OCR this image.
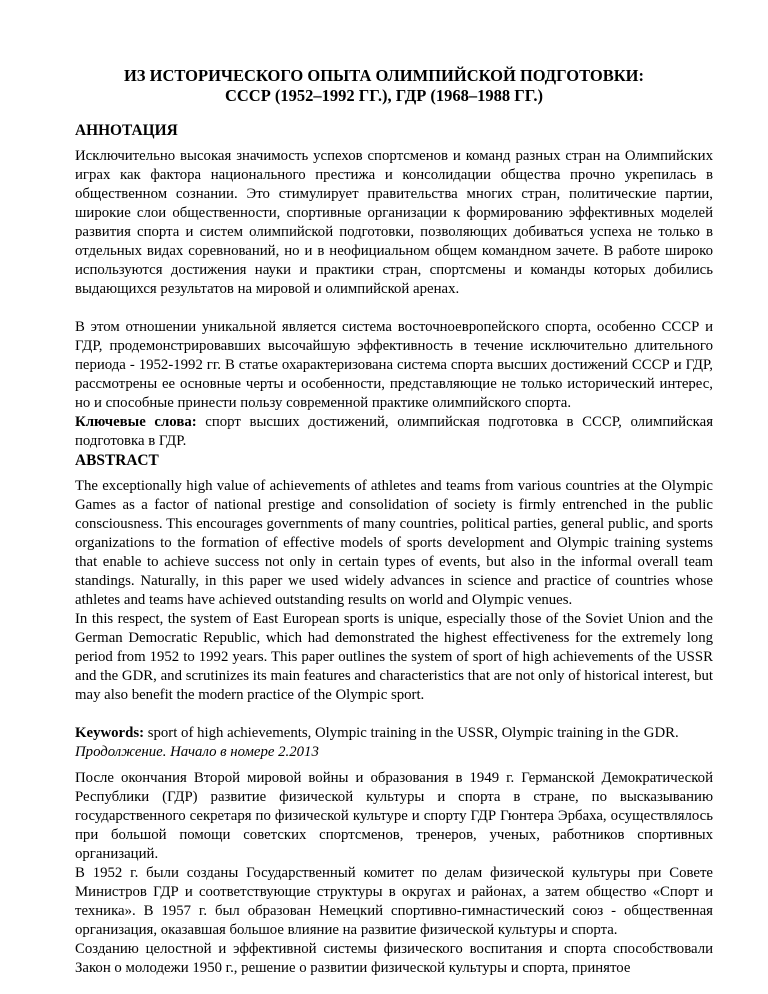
ИЗ ИСТОРИЧЕСКОГО ОПЫТА ОЛИМПИЙСКОЙ ПОДГОТОВКИ:
СССР (1952–1992 ГГ.), ГДР (1968–1988 ГГ.)
АННОТАЦИЯ
Исключительно высокая значимость успехов спортсменов и команд разных стран на Олимпийских играх как фактора национального престижа и консолидации общества прочно укрепилась в общественном сознании. Это стимулирует правительства многих стран, политические партии, широкие слои общественности, спортивные организации к формированию эффективных моделей развития спорта и систем олимпийской подготовки, позволяющих добиваться успеха не только в отдельных видах соревнований, но и в неофициальном общем командном зачете. В работе широко используются достижения науки и практики стран, спортсмены и команды которых добились выдающихся результатов на мировой и олимпийской аренах.
В этом отношении уникальной является система восточноевропейского спорта, особенно СССР и ГДР, продемонстрировавших высочайшую эффективность в течение исключительно длительного периода - 1952-1992 гг. В статье охарактеризована система спорта высших достижений СССР и ГДР, рассмотрены ее основные черты и особенности, представляющие не только исторический интерес, но и способные принести пользу современной практике олимпийского спорта.
Ключевые слова: спорт высших достижений, олимпийская подготовка в СССР, олимпийская подготовка в ГДР.
ABSTRACT
The exceptionally high value of achievements of athletes and teams from various countries at the Olympic Games as a factor of national prestige and consolidation of society is firmly entrenched in the public consciousness. This encourages governments of many countries, political parties, general public, and sports organizations to the formation of effective models of sports development and Olympic training systems that enable to achieve success not only in certain types of events, but also in the informal overall team standings. Naturally, in this paper we used widely advances in science and practice of countries whose athletes and teams have achieved outstanding results on world and Olympic venues.
In this respect, the system of East European sports is unique, especially those of the Soviet Union and the German Democratic Republic, which had demonstrated the highest effectiveness for the extremely long period from 1952 to 1992 years. This paper outlines the system of sport of high achievements of the USSR and the GDR, and scrutinizes its main features and characteristics that are not only of historical interest, but may also benefit the modern practice of the Olympic sport.
Keywords: sport of high achievements, Olympic training in the USSR, Olympic training in the GDR.
Продолжение. Начало в номере 2.2013
После окончания Второй мировой войны и образования в 1949 г. Германской Демократической Республики (ГДР) развитие физической культуры и спорта в стране, по высказыванию государственного секретаря по физической культуре и спорту ГДР Гюнтера Эрбаха, осуществлялось при большой помощи советских спортсменов, тренеров, ученых, работников спортивных организаций.
В 1952 г. были созданы Государственный комитет по делам физической культуры при Совете Министров ГДР и соответствующие структуры в округах и районах, а затем общество «Спорт и техника». В 1957 г. был образован Немецкий спортивно-гимнастический союз - общественная организация, оказавшая большое влияние на развитие физической культуры и спорта.
Созданию целостной и эффективной системы физического воспитания и спорта способствовали Закон о молодежи 1950 г., решение о развитии физической культуры и спорта, принятое
